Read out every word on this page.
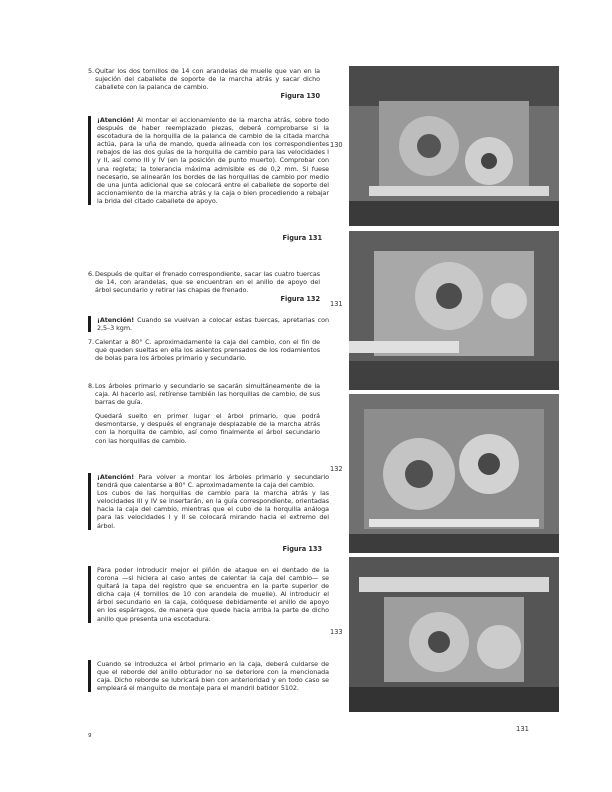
5. Quitar los dos tornillos de 14 con arandelas de muelle que van en la sujeción del caballete de soporte de la marcha atrás y sacar dicho caballete con la palanca de cambio.
Figura 130
¡Atención! Al montar el accionamiento de la marcha atrás, sobre todo después de haber reemplazado piezas, deberá comprobarse si la escotadura de la horquilla de la palanca de cambio de la citada marcha actúa, para la uña de mando, queda alineada con los correspondientes rebajos de las dos guías de la horquilla de cambio para las velocidades I y II, así como III y IV (en la posición de punto muerto). Comprobar con una regleta; la tolerancia máxima admisible es de 0,2 mm. Si fuese necesario, se alinearán los bordes de las horquillas de cambio por medio de una junta adicional que se colocará entre el caballete de soporte del accionamiento de la marcha atrás y la caja o bien procediendo a rebajar la brida del citado caballete de apoyo.
Figura 131
6. Después de quitar el frenado correspondiente, sacar las cuatro tuercas de 14, con arandelas, que se encuentran en el anillo de apoyo del árbol secundario y retirar las chapas de frenado.
Figura 132
¡Atención! Cuando se vuelvan a colocar estas tuercas, apretarlas con 2,5–3 kgm.
7. Calentar a 80° C. aproximadamente la caja del cambio, con el fin de que queden sueltas en ella los asientos prensados de los rodamientos de bolas para los árboles primario y secundario.
8. Los árboles primario y secundario se sacarán simultáneamente de la caja. Al hacerlo así, retírense también las horquillas de cambio, de sus barras de guía.
Quedará suelto en primer lugar el árbol primario, que podrá desmontarse, y después el engranaje desplazable de la marcha atrás con la horquilla de cambio, así como finalmente el árbol secundario con las horquillas de cambio.
¡Atención! Para volver a montar los árboles primario y secundario tendrá que calentarse a 80° C. aproximadamente la caja del cambio.
Los cubos de las horquillas de cambio para la marcha atrás y las velocidades III y IV se insertarán, en la guía correspondiente, orientadas hacia la caja del cambio, mientras que el cubo de la horquilla análoga para las velocidades I y II se colocará mirando hacia el extremo del árbol.
Figura 133
Para poder introducir mejor el piñón de ataque en el dentado de la corona —si hiciera al caso antes de calentar la caja del cambio— se quitará la tapa del registro que se encuentra en la parte superior de dicha caja (4 tornillos de 10 con arandela de muelle). Al introducir el árbol secundario en la caja, colóquese debidamente el anillo de apoyo en los espárragos, de manera que quede hacia arriba la parte de dicho anillo que presenta una escotadura.
Cuando se introduzca el árbol primario en la caja, deberá cuidarse de que el reborde del anillo obturador no se deteriore con la mencionada caja. Dicho reborde se lubricará bien con anterioridad y en todo caso se empleará el manguito de montaje para el mandril batidor 5102.
130
131
132
133
131
9
